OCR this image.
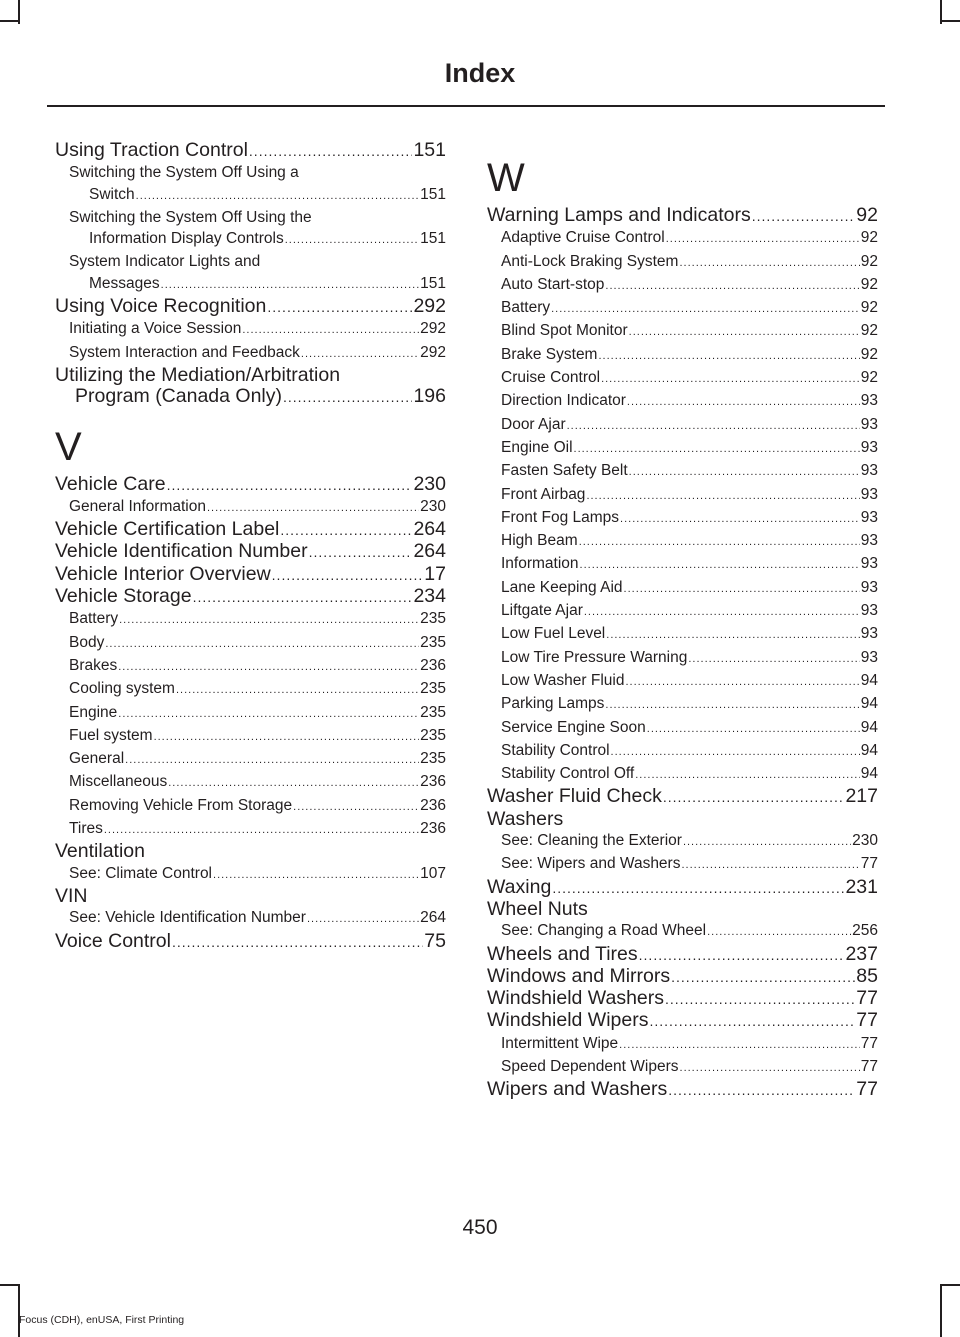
Index
Using Traction Control .....	151
Switching the System Off Using a
Switch .....	151
Switching the System Off Using the
Information Display Controls .....	151
System Indicator Lights and
Messages .....	151
Using Voice Recognition .....	292
Initiating a Voice Session .....	292
System Interaction and Feedback .....	292
Utilizing the Mediation/Arbitration
Program (Canada Only) .....	196
V
Vehicle Care .....	230
General Information .....	230
Vehicle Certification Label .....	264
Vehicle Identification Number .....	264
Vehicle Interior Overview .....	17
Vehicle Storage .....	234
Battery .....	235
Body .....	235
Brakes .....	236
Cooling system .....	235
Engine .....	235
Fuel system .....	235
General .....	235
Miscellaneous .....	236
Removing Vehicle From Storage .....	236
Tires .....	236
Ventilation
See: Climate Control .....	107
VIN
See: Vehicle Identification Number .....	264
Voice Control .....	75
W
Warning Lamps and Indicators .....	92
Adaptive Cruise Control .....	92
Anti-Lock Braking System .....	92
Auto Start-stop .....	92
Battery .....	92
Blind Spot Monitor .....	92
Brake System .....	92
Cruise Control .....	92
Direction Indicator .....	93
Door Ajar .....	93
Engine Oil .....	93
Fasten Safety Belt .....	93
Front Airbag .....	93
Front Fog Lamps .....	93
High Beam .....	93
Information .....	93
Lane Keeping Aid .....	93
Liftgate Ajar .....	93
Low Fuel Level .....	93
Low Tire Pressure Warning .....	93
Low Washer Fluid .....	94
Parking Lamps .....	94
Service Engine Soon .....	94
Stability Control .....	94
Stability Control Off .....	94
Washer Fluid Check .....	217
Washers
See: Cleaning the Exterior .....	230
See: Wipers and Washers .....	77
Waxing .....	231
Wheel Nuts
See: Changing a Road Wheel .....	256
Wheels and Tires .....	237
Windows and Mirrors .....	85
Windshield Washers .....	77
Windshield Wipers .....	77
Intermittent Wipe .....	77
Speed Dependent Wipers .....	77
Wipers and Washers .....	77
450
Focus (CDH), enUSA, First Printing
